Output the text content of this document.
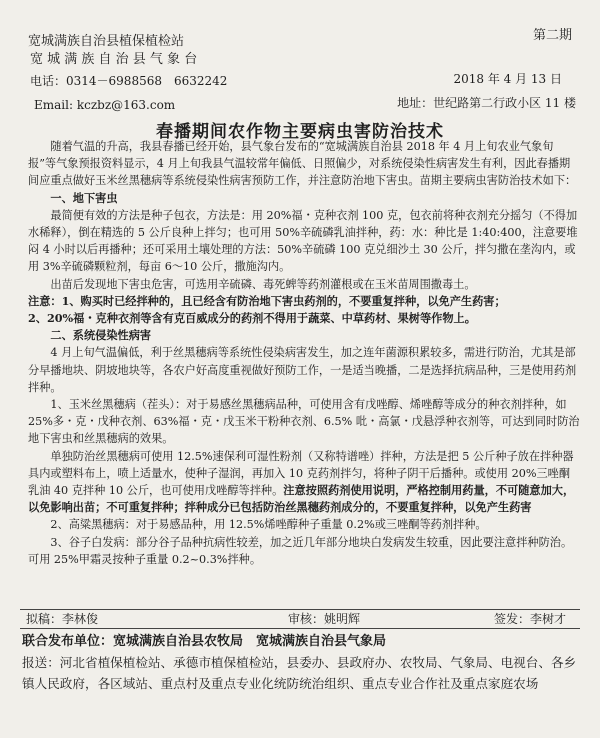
宽城满族自治县植保植检站
宽 城 满 族 自 治 县 气 象 台
第二期
电话：0314－6988568　6632242	2018 年 4 月 13 日
Email: kczbz@163.com	地址：世纪路第二行政小区 11 楼
春播期间农作物主要病虫害防治技术

随着气温的升高，我县春播已经开始，县气象台发布的“宽城满族自治县 2018 年 4 月上旬农业气象旬报”等气象预报资料显示，4 月上旬我县气温较常年偏低、日照偏少，对系统侵染性病害发生有利，因此春播期间应重点做好玉米丝黑穗病等系统侵染性病害预防工作，并注意防治地下害虫。苗期主要病虫害防治技术如下：

一、地下害虫

最简便有效的方法是种子包衣，方法是：用 20%福・克种衣剂 100 克，包衣前将种衣剂充分摇匀（不得加水稀释），倒在精选的 5 公斤良种上拌匀；也可用 50%辛硫磷乳油拌种，药：水：种比是 1:40:400，注意要堆闷 4 小时以后再播种；还可采用土壤处理的方法：50%辛硫磷 100 克兑细沙土 30 公斤，拌匀撒在垄沟内，或用 3%辛硫磷颗粒剂，每亩 6～10 公斤，撒施沟内。

出苗后发现地下害虫危害，可选用辛硫磷、毒死蜱等药剂灌根或在玉米苗周围撒毒土。

注意：1、购买时已经拌种的，且已经含有防治地下害虫药剂的，不要重复拌种，以免产生药害；

2、20%福・克种衣剂等含有克百威成分的药剂不得用于蔬菜、中草药材、果树等作物上。

二、系统侵染性病害

4 月上旬气温偏低，利于丝黑穗病等系统性侵染病害发生，加之连年菌源积累较多，需进行防治，尤其是部分早播地块、阴坡地块等，各农户好高度重视做好预防工作，一是适当晚播，二是选择抗病品种，三是使用药剂拌种。

1、玉米丝黑穗病（茬头）：对于易感丝黑穗病品种，可使用含有戊唑醇、烯唑醇等成分的种衣剂拌种，如 25%多・克・戊种衣剂、63%福・克・戊玉米干粉种衣剂、6.5% 吡・高氯・戊悬浮种衣剂等，可达到同时防治地下害虫和丝黑穗病的效果。

单独防治丝黑穗病可使用 12.5%速保利可湿性粉剂（又称特谱唑）拌种，方法是把 5 公斤种子放在拌种器具内或塑料布上，喷上适量水，使种子湿润，再加入 10 克药剂拌匀，将种子阴干后播种。或使用 20%三唑酮乳油 40 克拌种 10 公斤，也可使用戊唑醇等拌种。注意按照药剂使用说明，严格控制用药量，不可随意加大，以免影响出苗；不可重复拌种；拌种成分已包括防治丝黑穗药剂成分的，不要重复拌种，以免产生药害

2、高粱黑穗病：对于易感品种，用 12.5%烯唑醇种子重量 0.2%或三唑酮等药剂拌种。

3、谷子白发病：部分谷子品种抗病性较差，加之近几年部分地块白发病发生较重，因此要注意拌种防治。可用 25%甲霜灵按种子重量 0.2~0.3%拌种。

拟稿：李林俊	审核：姚明辉	签发：李树才
联合发布单位：宽城满族自治县农牧局　宽城满族自治县气象局
报送：河北省植保植检站、承德市植保植检站，县委办、县政府办、农牧局、气象局、电视台、各乡镇人民政府，各区域站、重点村及重点专业化统防统治组织、重点专业合作社及重点家庭农场
